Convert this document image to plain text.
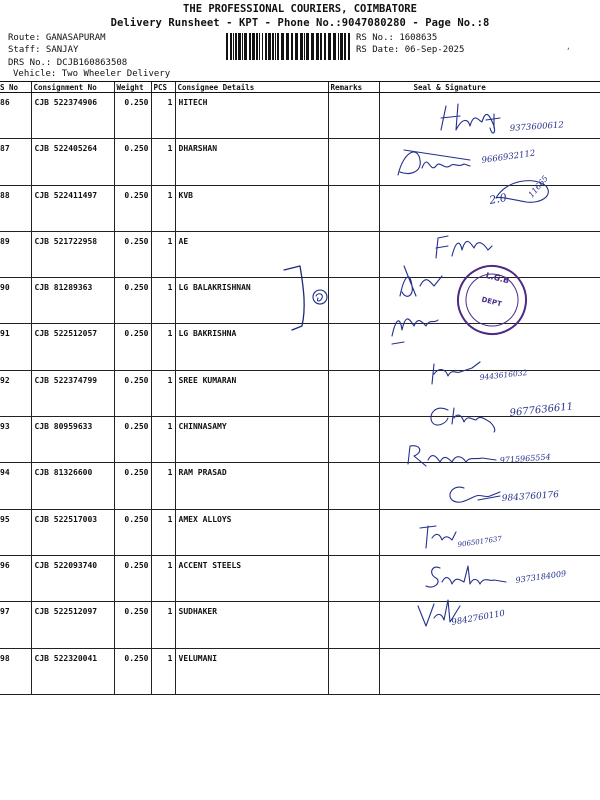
THE PROFESSIONAL COURIERS, COIMBATORE
Delivery Runsheet - KPT - Phone No.:9047080280 - Page No.:8
Route: GANASAPURAM
Staff: SANJAY
DRS No.: DCJB160863508
Vehicle: Two Wheeler Delivery
RS No.: 1608635
RS Date: 06-Sep-2025	,
S No	Consignment No	Weight	PCS	Consignee Details	Remarks	Seal & Signature
86	CJB 522374906	0.250	1	HITECH		
87	CJB 522405264	0.250	1	DHARSHAN		
88	CJB 522411497	0.250	1	KVB		
89	CJB 521722958	0.250	1	AE		
90	CJB 81289363	0.250	1	LG BALAKRISHNAN		
91	CJB 522512057	0.250	1	LG BAKRISHNA		
92	CJB 522374799	0.250	1	SREE KUMARAN		
93	CJB 80959633	0.250	1	CHINNASAMY		
94	CJB 81326600	0.250	1	RAM PRASAD		
95	CJB 522517003	0.250	1	AMEX ALLOYS		
96	CJB 522093740	0.250	1	ACCENT STEELS		
97	CJB 522512097	0.250	1	SUDHAKER		
98	CJB 522320041	0.250	1	VELUMANI		
9373600612
9666932112
2.0 11665
9443616032
9677636611
9715965554
9843760176
9065017637
9373184009
9842760110
L.G.B
DEPT
